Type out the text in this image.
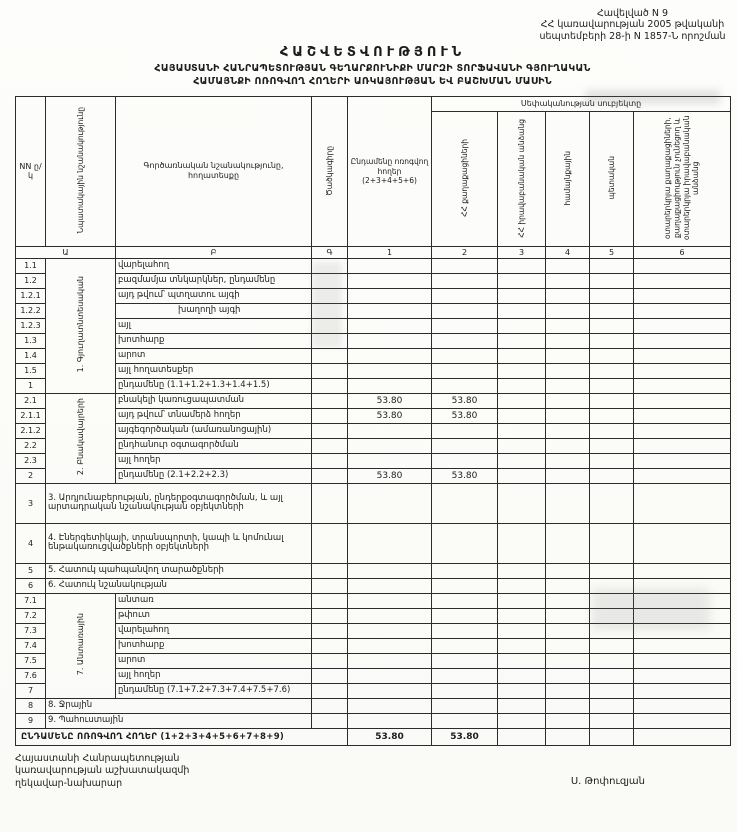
Հավելված N 9
ՀՀ կառավարության 2005 թվականի
սեպտեմբերի 28-ի N 1857-Ն որոշման
ՀԱՇՎԵՏՎՈՒԹՅՈՒՆ
ՀԱՅԱՍՏԱՆԻ ՀԱՆՐԱՊԵՏՈՒԹՅԱՆ ԳԵՂԱՐՔՈՒՆԻՔԻ ՄԱՐԶԻ ՏՈՐՖԱՎԱՆԻ ԳՅՈՒՂԱԿԱՆ
ՀԱՄԱՅՆՔԻ ՈՌՈԳՎՈՂ ՀՈՂԵՐԻ ԱՌԿԱՅՈՒԹՅԱՆ ԵՎ ԲԱՇԽՄԱՆ ՄԱՍԻՆ
NN ը/կ	Նպատակային նշանակությունը	Գործառնական նշանակությունը, հողատեսքը	Ծածկագիրը	Ընդամենը ոռոգվող հողեր (2+3+4+5+6)	Սեփականության սուբյեկտը				
					ՀՀ քաղաքացիների	ՀՀ իրավաբանական անձանց	համայնքային	պետական	օտարերկրյա քաղաքացիների, քաղաքացիություն չունեցող և օտարերկրյա իրավաբանական անձանց
Ա		Բ	Գ	1	2	3	4	5	6
1.1	1. Գյուղատնտեսական	վարելահող							
1.2		բազմամյա տնկարկներ, ընդամենը							
1.2.1		այդ թվում՝ պտղատու այգի							
1.2.2		խաղողի այգի							
1.2.3		այլ							
1.3		խոտհարք							
1.4		արոտ							
1.5		այլ հողատեսքեր							
1		ընդամենը (1.1+1.2+1.3+1.4+1.5)							
2.1	2. Բնակավայրերի	բնակելի կառուցապատման		53.80	53.80				
2.1.1		այդ թվում՝ տնամերձ հողեր		53.80	53.80				
2.1.2		այգեգործական (ամառանոցային)							
2.2		ընդհանուր օգտագործման							
2.3		այլ հողեր							
2		ընդամենը (2.1+2.2+2.3)		53.80	53.80				
3	3. Արդյունաբերության, ընդերքօգտագործման, և այլ արտադրական նշանակության օբյեկտների								
4	4. Էներգետիկայի, տրանսպորտի, կապի և կոմունալ ենթակառուցվածքների օբյեկտների								
5	5. Հատուկ պահպանվող տարածքների								
6	6. Հատուկ նշանակության								
7.1	7. Անտառային	անտառ							
7.2		թփուտ							
7.3		վարելահող							
7.4		խոտհարք							
7.5		արոտ							
7.6		այլ հողեր							
7		ընդամենը (7.1+7.2+7.3+7.4+7.5+7.6)							
8	8. Ջրային								
9	9. Պահուստային								
ԸՆԴԱՄԵՆԸ ՈՌՈԳՎՈՂ ՀՈՂԵՐ (1+2+3+4+5+6+7+8+9)				53.80	53.80				
Հայաստանի Հանրապետության
կառավարության աշխատակազմի
ղեկավար-նախարար	Ս. Թոփուզյան
